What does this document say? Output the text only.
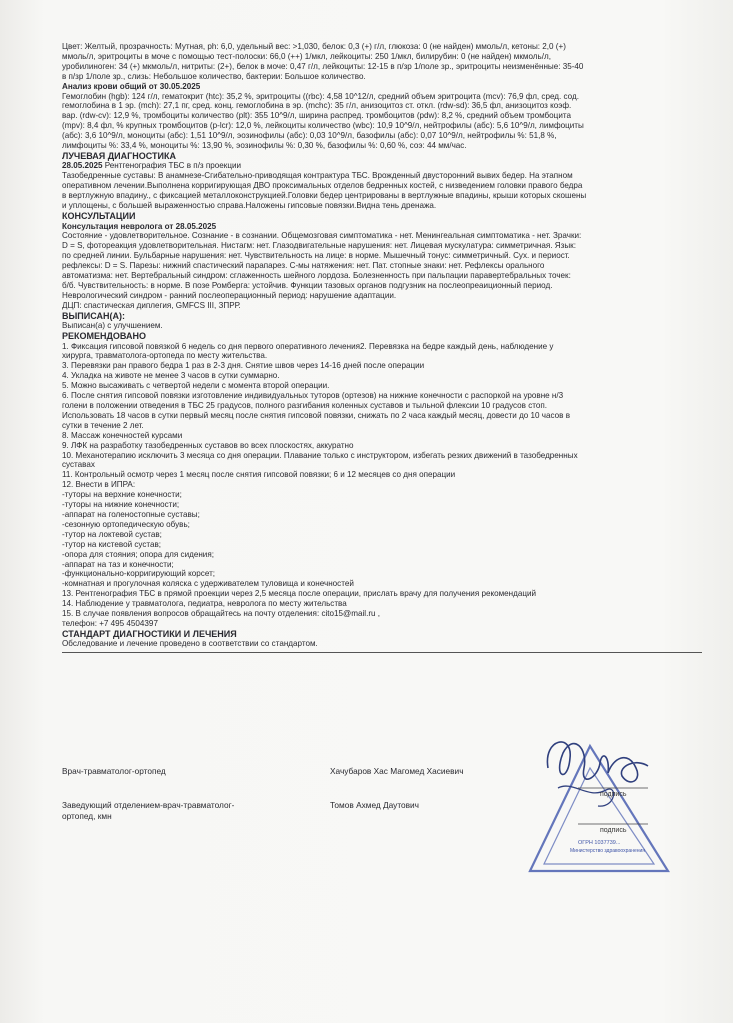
Цвет: Желтый, прозрачность: Мутная, ph: 6,0, удельный вес: >1,030, белок: 0,3 (+) г/л, глюкоза: 0 (не найден) ммоль/л, кетоны: 2,0 (+)

ммоль/л, эритроциты в моче с помощью тест-полоски: 66,0 (++) 1/мкл, лейкоциты: 250 1/мкл, билирубин: 0 (не найден) мкмоль/л,

уробилиноген: 34 (+) мкмоль/л, нитриты: (2+), белок в моче: 0,47 г/л, лейкоциты: 12-15 в п/зр 1/поле зр., эритроциты неизменённые: 35-40

в п/зр 1/поле зр., слизь: Небольшое количество, бактерии: Большое количество.

Анализ крови общий от 30.05.2025

Гемоглобин (hgb): 124 г/л, гематокрит (htc): 35,2 %, эритроциты ((rbc): 4,58 10^12/л, средний объем эритроцита (mcv): 76,9 фл, сред. сод.

гемоглобина в 1 эр. (mch): 27,1 пг, сред. конц. гемоглобина в эр. (mchc): 35 г/л, анизоцитоз ст. откл. (rdw-sd): 36,5 фл, анизоцитоз коэф.

вар. (rdw-cv): 12,9 %, тромбоциты количество (plt): 355 10^9/л, ширина распред. тромбоцитов (pdw): 8,2 %, средний объем тромбоцита

(mpv): 8,4 фл, % крупных тромбоцитов (p-lcr): 12,0 %, лейкоциты количество (wbc): 10,9 10^9/л, нейтрофилы (абс): 5,6 10^9/л, лимфоциты

(абс): 3,6 10^9/л, моноциты (абс): 1,51 10^9/л, эозинофилы (абс): 0,03 10^9/л, базофилы (абс): 0,07 10^9/л, нейтрофилы %: 51,8 %,

лимфоциты %: 33,4 %, моноциты %: 13,90 %, эозинофилы %: 0,30 %, базофилы %: 0,60 %, соэ: 44 мм/час.

ЛУЧЕВАЯ ДИАГНОСТИКА

28.05.2025 Рентгенография ТБС в п/з проекции

Тазобедренные суставы: В анамнезе-Сгибательно-приводящая контрактура ТБС. Врожденный двусторонний вывих бедер. На этапном

оперативном лечении.Выполнена корригирующая ДВО проксимальных отделов бедренных костей, с низведением головки правого бедра

в вертлужную впадину., с фиксацией металлоконструкцией.Головки бедер центрированы в вертлужные впадины, крыши которых скошены

и уплощены, с большей выраженностью справа.Наложены гипсовые повязки.Видна тень дренажа.

КОНСУЛЬТАЦИИ

Консультация невролога от 28.05.2025

Состояние - удовлетворительное. Сознание - в сознании. Общемозговая симптоматика - нет. Менингеальная симптоматика - нет. Зрачки:

D = S, фотореакция удовлетворительная. Нистагм: нет. Глазодвигательные нарушения: нет. Лицевая мускулатура: симметричная. Язык:

по средней линии. Бульбарные нарушения: нет. Чувствительность на лице: в норме. Мышечный тонус: симметричный. Сух. и периост.

рефлексы: D = S. Парезы: нижний спастический парапарез. С-мы натяжения: нет. Пат. стопные знаки: нет. Рефлексы орального

автоматизма: нет. Вертебральный синдром: сглаженность шейного лордоза. Болезненность при пальпации паравертебральных точек:

б/б. Чувствительность: в норме. В позе Ромберга: устойчив. Функции тазовых органов подгузник на послеопреаиционный период.

Неврологический синдром - ранний послеоперационный период: нарушение адаптации.

ДЦП: спастическая диплегия, GMFCS III, ЗПРР.

ВЫПИСАН(А):

Выписан(а) с улучшением.

РЕКОМЕНДОВАНО

1. Фиксация гипсовой повязкой 6 недель со дня первого оперативного лечения2. Перевязка на бедре каждый день, наблюдение у

хирурга, травматолога-ортопеда по месту жительства.

3. Перевязки ран правого бедра 1 раз в 2-3 дня. Снятие швов через 14-16 дней после операции

4. Укладка на животе не менее 3 часов в сутки суммарно.

5. Можно высаживать с четвертой недели с момента второй операции.

6. После снятия гипсовой повязки изготовление индивидуальных туторов (ортезов) на нижние конечности с распоркой на уровне н/3

голени в положении отведения в ТБС 25 градусов, полного разгибания коленных суставов и тыльной флексии 10 градусов стоп.

Использовать 18 часов в сутки первый месяц после снятия гипсовой повязки, снижать по 2 часа каждый месяц, довести до 10 часов в

сутки в течение 2 лет.

8. Массаж конечностей курсами

9. ЛФК на разработку тазобедренных суставов во всех плоскостях, аккуратно

10. Механотерапию исключить 3 месяца со дня операции. Плавание только с инструктором, избегать резких движений в тазобедренных

суставах

11. Контрольный осмотр через 1 месяц после снятия гипсовой повязки; 6 и 12 месяцев со дня операции

12. Внести в ИПРА:

-туторы на верхние конечности;

-туторы на нижние конечности;

-аппарат на голеностопные суставы;

-сезонную ортопедическую обувь;

-тутор на локтевой сустав;

-тутор на кистевой сустав;

-опора для стояния; опора для сидения;

-аппарат на таз и конечности;

-функционально-корригирующий корсет;

-комнатная и прогулочная коляска с удерживателем туловища и конечностей

13. Рентгенография ТБС в прямой проекции через 2,5 месяца после операции, прислать врачу для получения рекомендаций

14. Наблюдение у травматолога, педиатра, невролога по месту жительства

15. В случае появления вопросов обращайтесь на почту отделения: cito15@mail.ru ,

телефон: +7 495 4504397

СТАНДАРТ ДИАГНОСТИКИ И ЛЕЧЕНИЯ

Обследование и лечение проведено в соответствии со стандартом.

Врач-травматолог-ортопед	Хачубаров Хас Магомед Хасиевич
Заведующий отделением-врач-травматолог-ортопед, кмн
Томов Ахмед Даутович
ОГРН 1037739...
Министерство здравоохранения
подпись
подпись
